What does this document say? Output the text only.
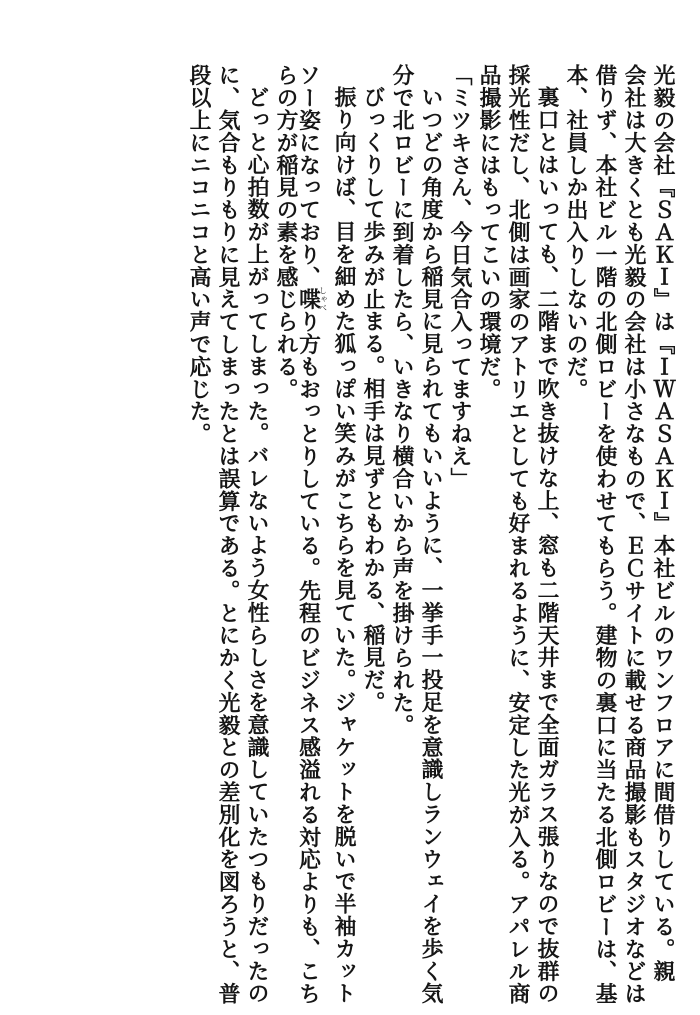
光毅の会社『ＳＡＫＩ』は『ＩＷＡＳＡＫＩ』本社ビルのワンフロアに間借りしている。親
会社は大きくとも光毅の会社は小さなもので、ＥＣサイトに載せる商品撮影もスタジオなどは
借りず、本社ビル一階の北側ロビーを使わせてもらう。建物の裏口に当たる北側ロビーは、基
本、社員しか出入りしないのだ。
裏口とはいっても、二階まで吹き抜けな上、窓も二階天井まで全面ガラス張りなので抜群の
採光性だし、北側は画家のアトリエとしても好まれるように、安定した光が入る。アパレル商
品撮影にはもってこいの環境だ。
「ミツキさん、今日気合入ってますねえ」
いつどの角度から稲見に見られてもいいように、一挙手一投足を意識しランウェイを歩く気
分で北ロビーに到着したら、いきなり横合いから声を掛けられた。
びっくりして歩みが止まる。相手は見ずともわかる、稲見だ。
振り向けば、目を細めた狐っぽい笑みがこちらを見ていた。ジャケットを脱いで半袖カット
ソー姿になっており、喋しゃべり方もおっとりしている。先程のビジネス感溢れる対応よりも、こち
らの方が稲見の素を感じられる。
どっと心拍数が上がってしまった。バレないよう女性らしさを意識していたつもりだったの
に、気合もりもりに見えてしまったとは誤算である。とにかく光毅との差別化を図ろうと、普
段以上にニコニコと高い声で応じた。
